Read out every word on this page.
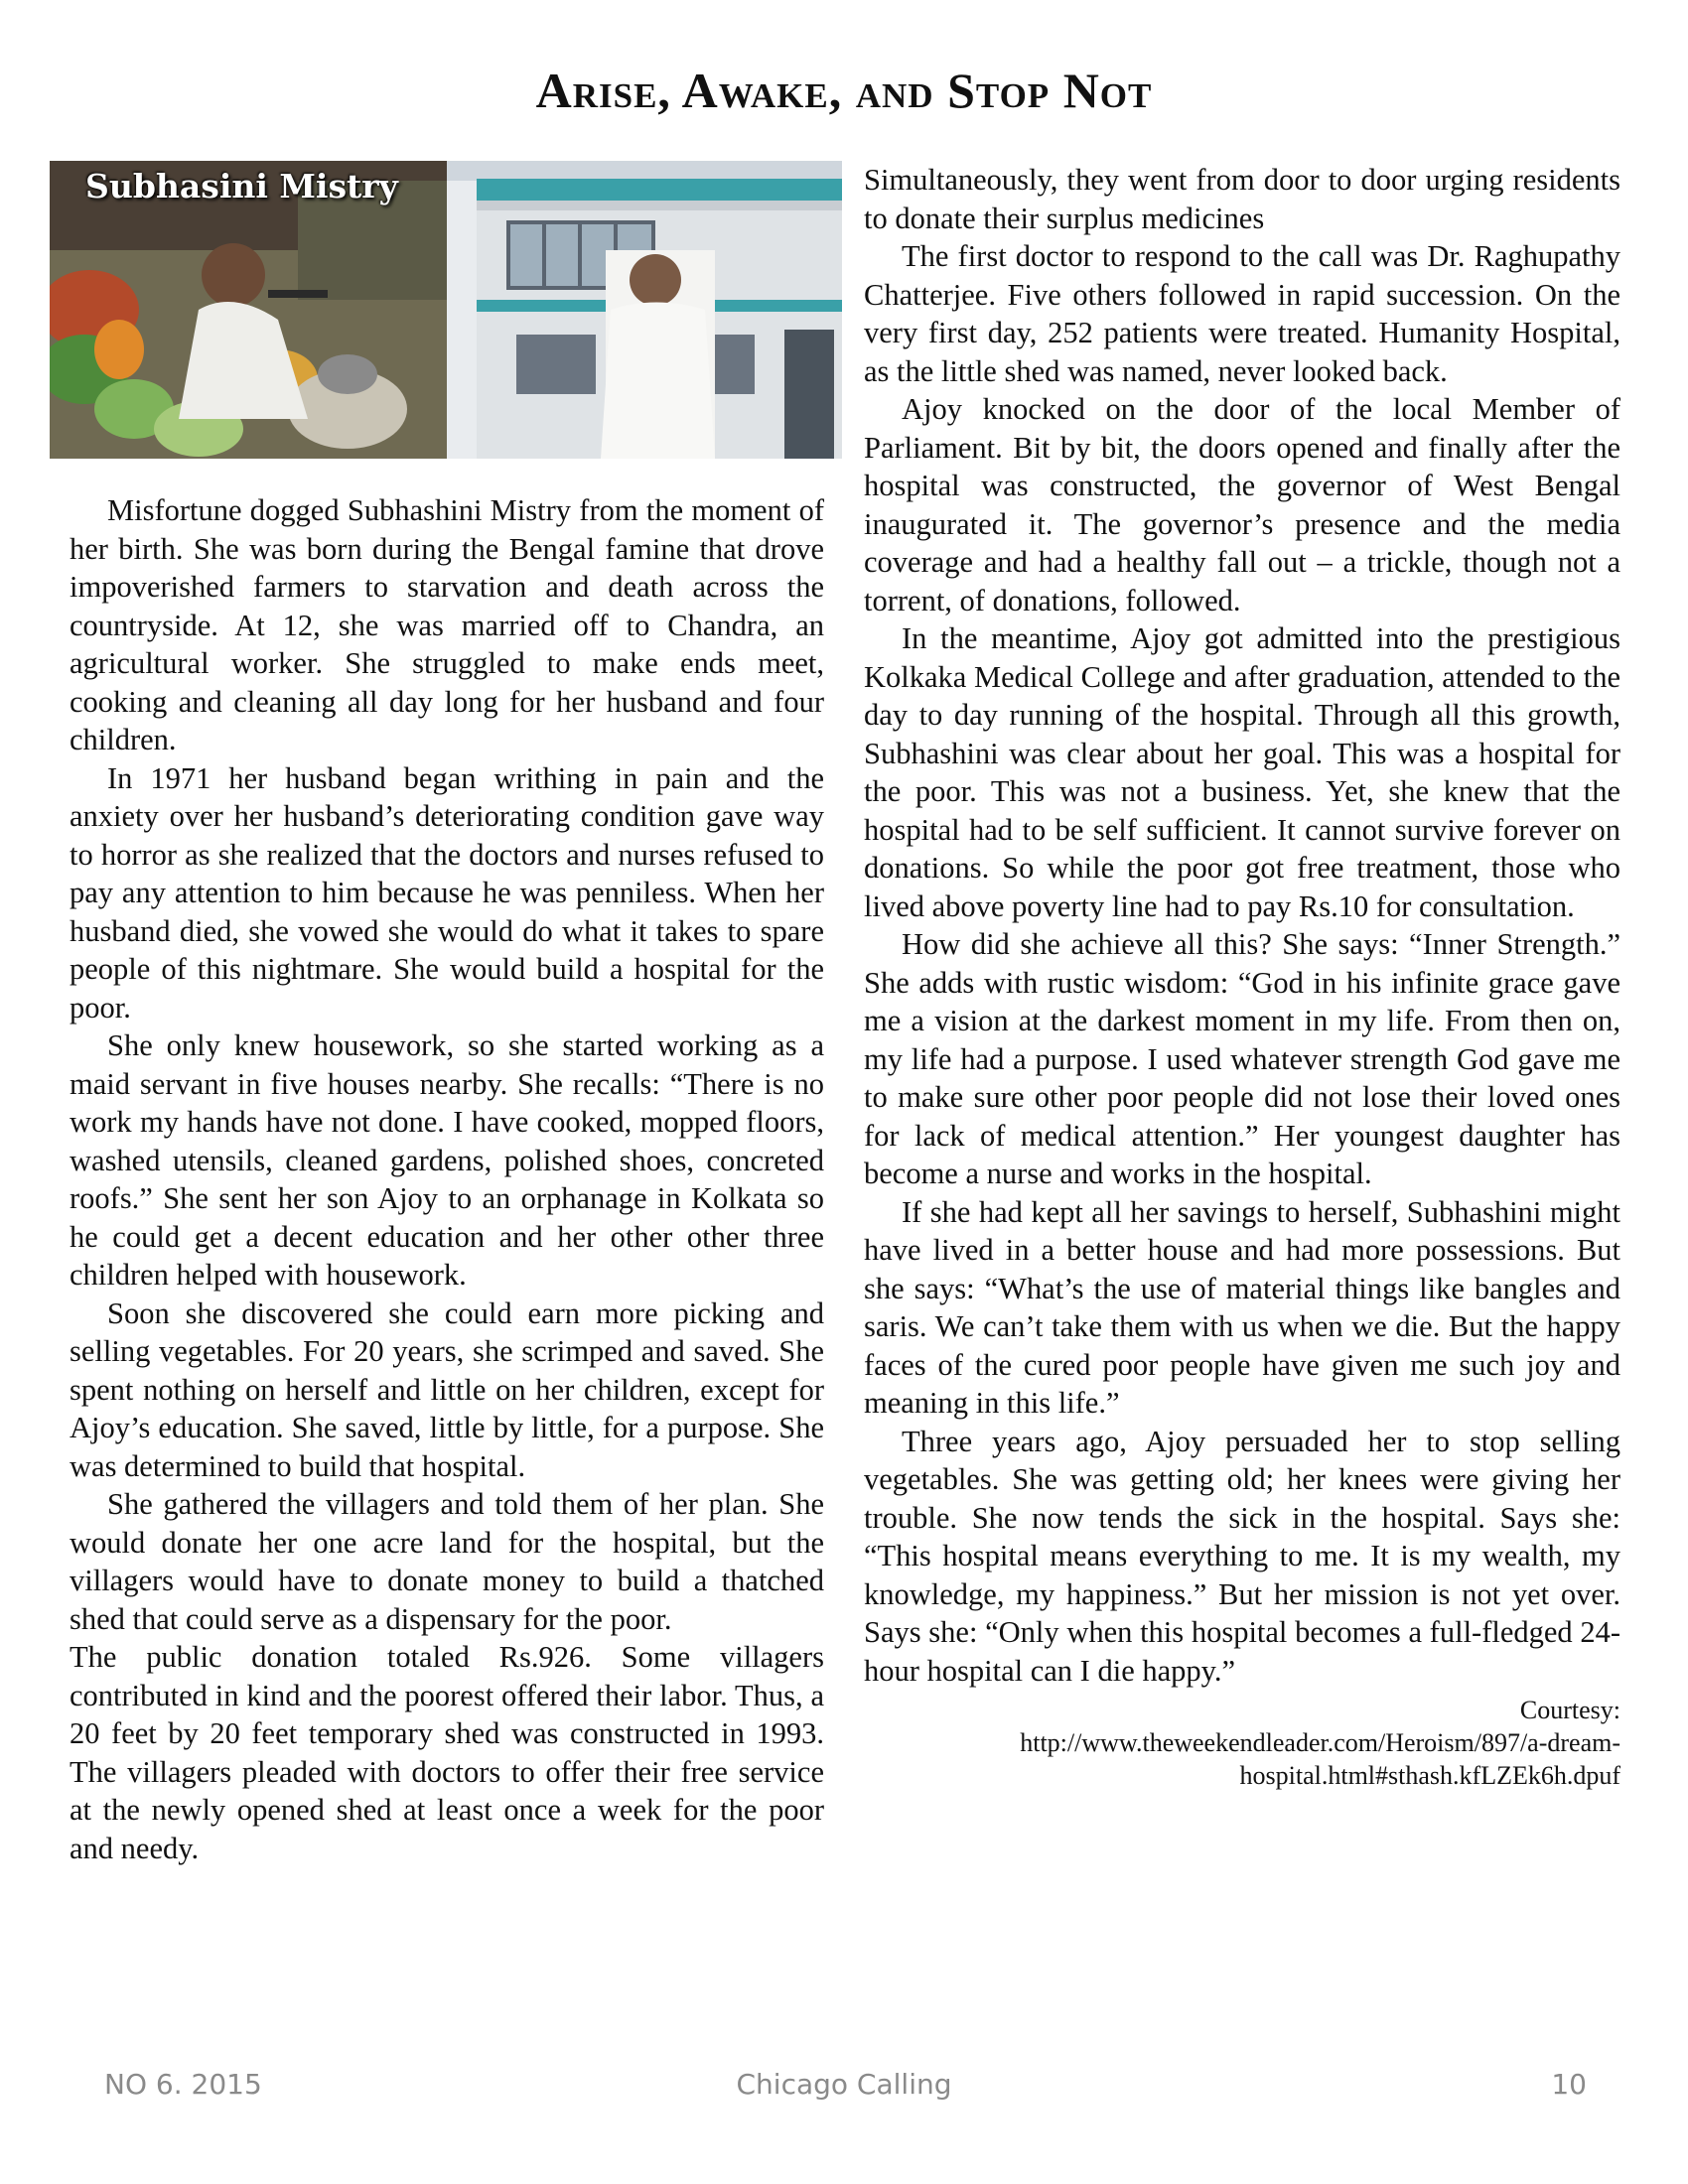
Arise, Awake, and Stop Not
Subhasini Mistry

Misfortune dogged Subhashini Mistry from the moment of her birth. She was born during the Bengal famine that drove impoverished farmers to starvation and death across the countryside. At 12, she was married off to Chandra, an agricultural worker. She struggled to make ends meet, cooking and cleaning all day long for her husband and four children.

In 1971 her husband began writhing in pain and the anxiety over her husband’s deteriorating condition gave way to horror as she realized that the doctors and nurses refused to pay any attention to him because he was penniless. When her husband died, she vowed she would do what it takes to spare people of this nightmare. She would build a hospital for the poor.

She only knew housework, so she started working as a maid servant in five houses nearby. She recalls: “There is no work my hands have not done. I have cooked, mopped floors, washed utensils, cleaned gardens, polished shoes, concreted roofs.” She sent her son Ajoy to an orphanage in Kolkata so he could get a decent education and her other other three children helped with housework.

Soon she discovered she could earn more picking and selling vegetables. For 20 years, she scrimped and saved. She spent nothing on herself and little on her children, except for Ajoy’s education. She saved, little by little, for a purpose. She was determined to build that hospital.

She gathered the villagers and told them of her plan. She would donate her one acre land for the hospital, but the villagers would have to donate money to build a thatched shed that could serve as a dispensary for the poor.

The public donation totaled Rs.926. Some villagers contributed in kind and the poorest offered their labor. Thus, a 20 feet by 20 feet temporary shed was constructed in 1993. The villagers pleaded with doctors to offer their free service at the newly opened shed at least once a week for the poor and needy.

Simultaneously, they went from door to door urging residents to donate their surplus medicines

The first doctor to respond to the call was Dr. Raghupathy Chatterjee. Five others followed in rapid succession. On the very first day, 252 patients were treated. Humanity Hospital, as the little shed was named, never looked back.

Ajoy knocked on the door of the local Member of Parliament. Bit by bit, the doors opened and finally after the hospital was constructed, the governor of West Bengal inaugurated it. The governor’s presence and the media coverage and had a healthy fall out – a trickle, though not a torrent, of donations, followed.

In the meantime, Ajoy got admitted into the prestigious Kolkaka Medical College and after graduation, attended to the day to day running of the hospital. Through all this growth, Subhashini was clear about her goal. This was a hospital for the poor. This was not a business. Yet, she knew that the hospital had to be self sufficient. It cannot survive forever on donations. So while the poor got free treatment, those who lived above poverty line had to pay Rs.10 for consultation.

How did she achieve all this? She says: “Inner Strength.” She adds with rustic wisdom: “God in his infinite grace gave me a vision at the darkest moment in my life. From then on, my life had a purpose. I used whatever strength God gave me to make sure other poor people did not lose their loved ones for lack of medical attention.” Her youngest daughter has become a nurse and works in the hospital.

If she had kept all her savings to herself, Subhashini might have lived in a better house and had more possessions. But she says: “What’s the use of material things like bangles and saris. We can’t take them with us when we die. But the happy faces of the cured poor people have given me such joy and meaning in this life.”

Three years ago, Ajoy persuaded her to stop selling vegetables. She was getting old; her knees were giving her trouble. She now tends the sick in the hospital. Says she: “This hospital means everything to me. It is my wealth, my knowledge, my happiness.” But her mission is not yet over. Says she: “Only when this hospital becomes a full-fledged 24-hour hospital can I die happy.”

Courtesy:

http://www.theweekendleader.com/Heroism/897/a-dream-hospital.html#sthash.kfLZEk6h.dpuf

NO 6. 2015	Chicago Calling	10
